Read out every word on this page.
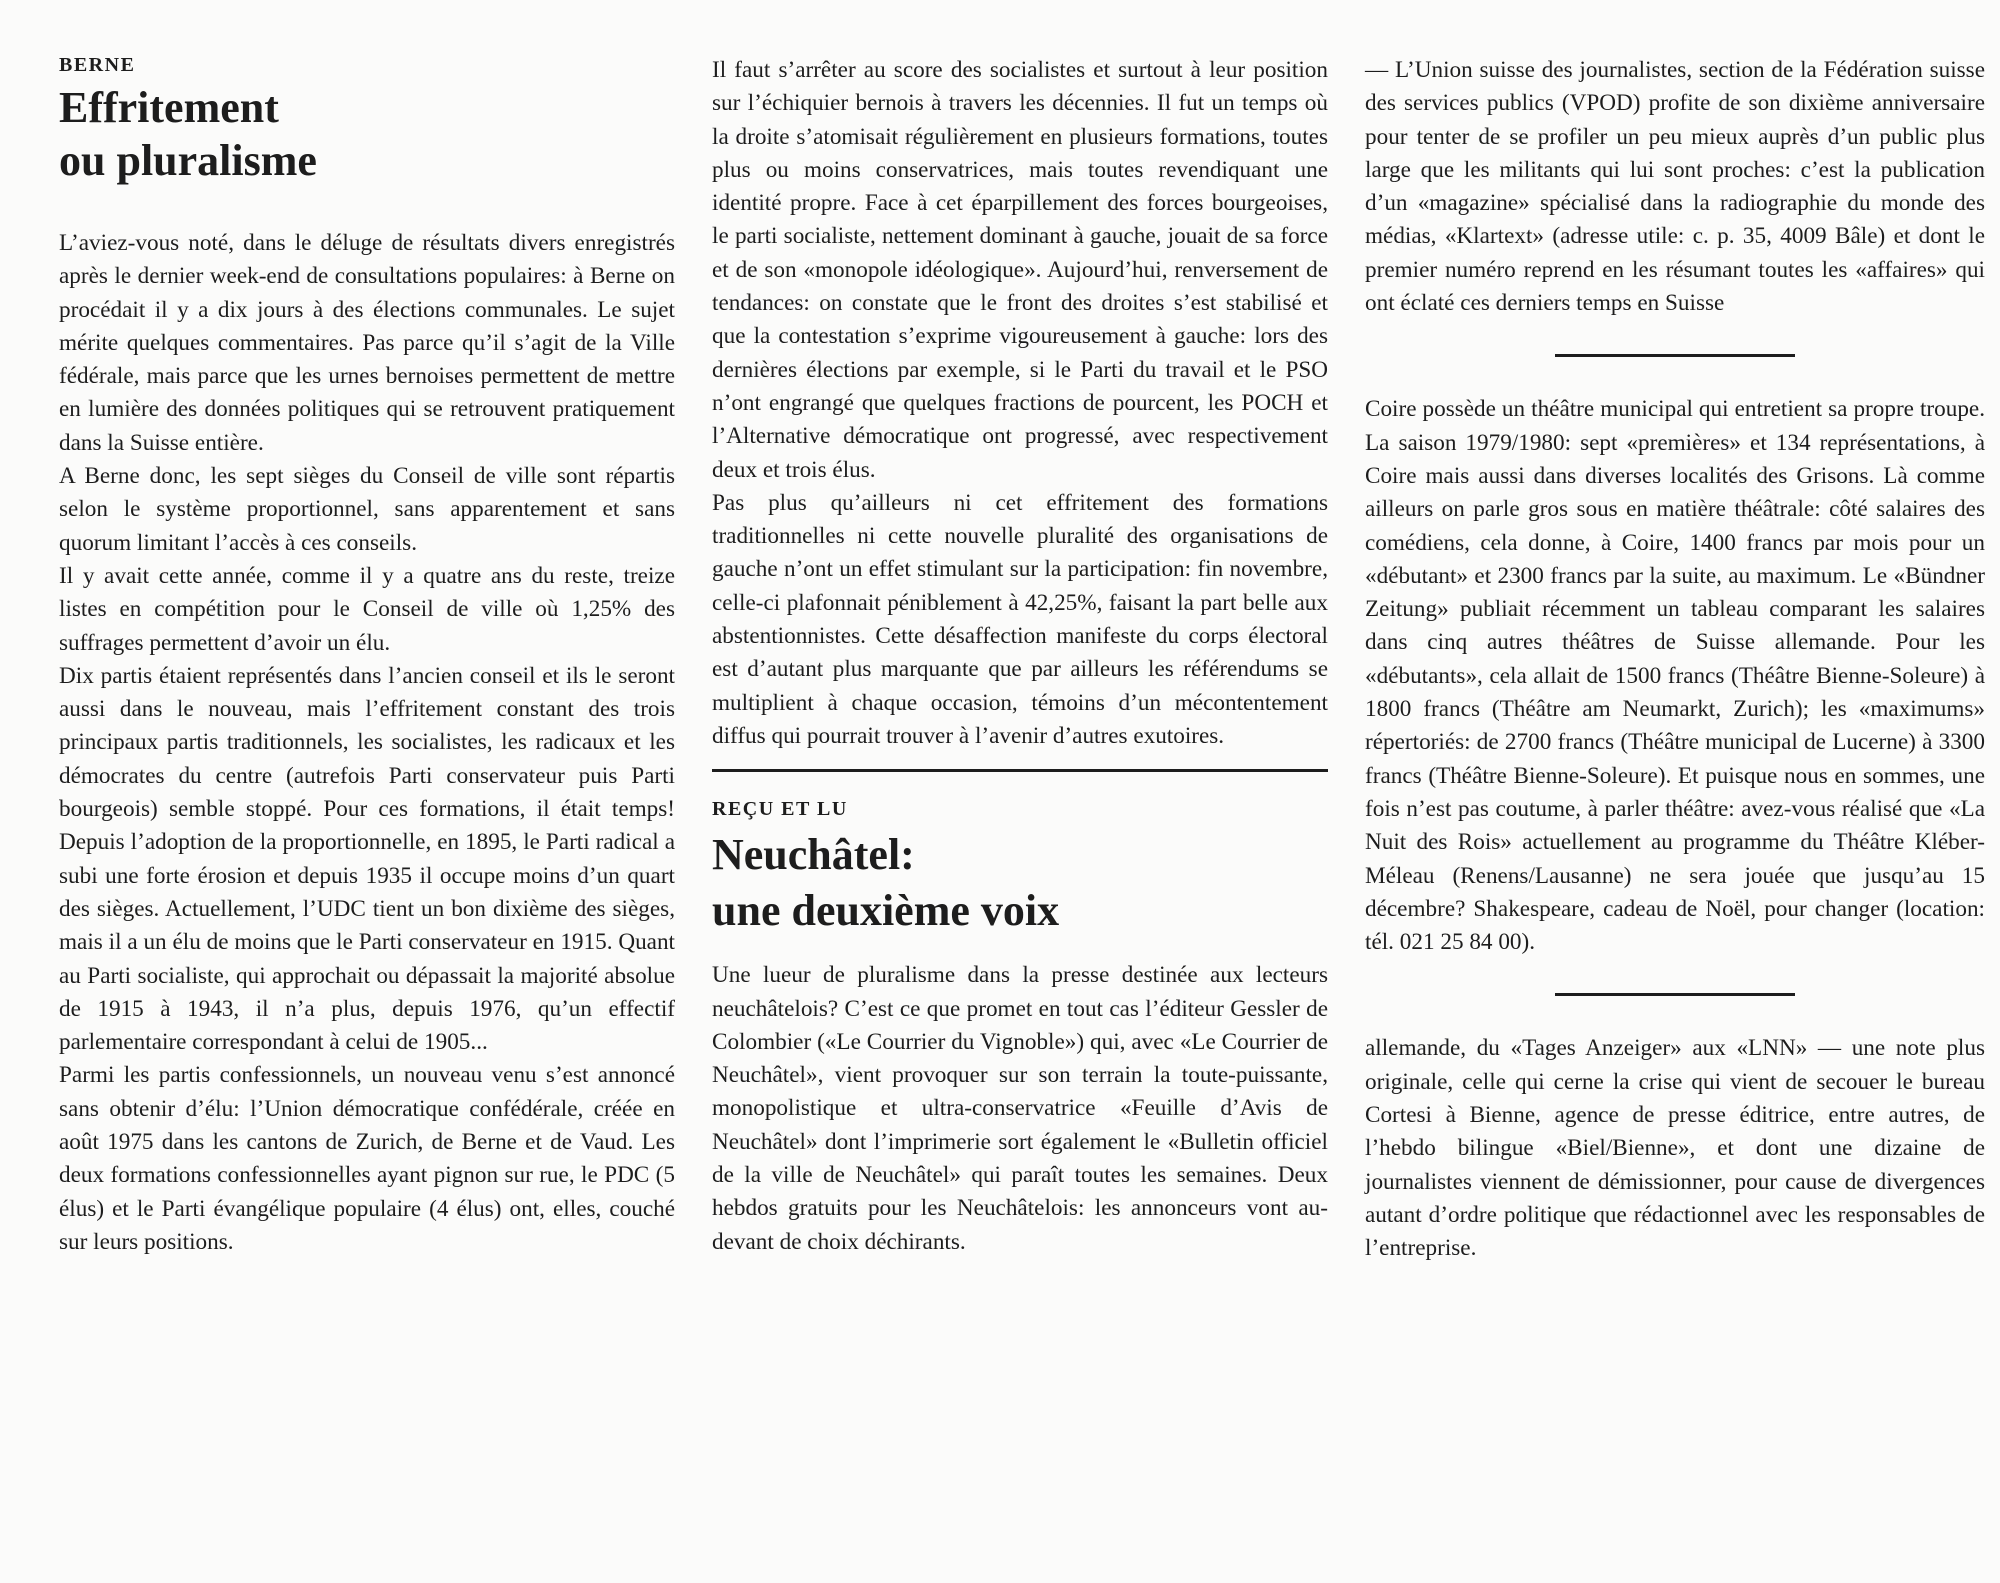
BERNE
Effritement
ou pluralisme

L’aviez-vous noté, dans le déluge de résultats divers enregistrés après le dernier week-end de consultations populaires: à Berne on procédait il y a dix jours à des élections communales. Le sujet mérite quelques commentaires. Pas parce qu’il s’agit de la Ville fédérale, mais parce que les urnes bernoises permettent de mettre en lumière des données politiques qui se retrouvent pratiquement dans la Suisse entière.

A Berne donc, les sept sièges du Conseil de ville sont répartis selon le système proportionnel, sans apparentement et sans quorum limitant l’accès à ces conseils.

Il y avait cette année, comme il y a quatre ans du reste, treize listes en compétition pour le Conseil de ville où 1,25% des suffrages permettent d’avoir un élu.

Dix partis étaient représentés dans l’ancien conseil et ils le seront aussi dans le nouveau, mais l’effritement constant des trois principaux partis traditionnels, les socialistes, les radicaux et les démocrates du centre (autrefois Parti conservateur puis Parti bourgeois) semble stoppé. Pour ces formations, il était temps! Depuis l’adoption de la proportionnelle, en 1895, le Parti radical a subi une forte érosion et depuis 1935 il occupe moins d’un quart des sièges. Actuellement, l’UDC tient un bon dixième des sièges, mais il a un élu de moins que le Parti conservateur en 1915. Quant au Parti socialiste, qui approchait ou dépassait la majorité absolue de 1915 à 1943, il n’a plus, depuis 1976, qu’un effectif parlementaire correspondant à celui de 1905...

Parmi les partis confessionnels, un nouveau venu s’est annoncé sans obtenir d’élu: l’Union démocratique confédérale, créée en août 1975 dans les cantons de Zurich, de Berne et de Vaud. Les deux formations confessionnelles ayant pignon sur rue, le PDC (5 élus) et le Parti évangélique populaire (4 élus) ont, elles, couché sur leurs positions.

Il faut s’arrêter au score des socialistes et surtout à leur position sur l’échiquier bernois à travers les décennies. Il fut un temps où la droite s’atomisait régulièrement en plusieurs formations, toutes plus ou moins conservatrices, mais toutes revendiquant une identité propre. Face à cet éparpillement des forces bourgeoises, le parti socialiste, nettement dominant à gauche, jouait de sa force et de son «monopole idéologique». Aujourd’hui, renversement de tendances: on constate que le front des droites s’est stabilisé et que la contestation s’exprime vigoureusement à gauche: lors des dernières élections par exemple, si le Parti du travail et le PSO n’ont engrangé que quelques fractions de pourcent, les POCH et l’Alternative démocratique ont progressé, avec respectivement deux et trois élus.

Pas plus qu’ailleurs ni cet effritement des formations traditionnelles ni cette nouvelle pluralité des organisations de gauche n’ont un effet stimulant sur la participation: fin novembre, celle-ci plafonnait péniblement à 42,25%, faisant la part belle aux abstentionnistes. Cette désaffection manifeste du corps électoral est d’autant plus marquante que par ailleurs les référendums se multiplient à chaque occasion, témoins d’un mécontentement diffus qui pourrait trouver à l’avenir d’autres exutoires.

REÇU ET LU
Neuchâtel:
une deuxième voix

Une lueur de pluralisme dans la presse destinée aux lecteurs neuchâtelois? C’est ce que promet en tout cas l’éditeur Gessler de Colombier («Le Courrier du Vignoble») qui, avec «Le Courrier de Neuchâtel», vient provoquer sur son terrain la toute-puissante, monopolistique et ultra-conservatrice «Feuille d’Avis de Neuchâtel» dont l’imprimerie sort également le «Bulletin officiel de la ville de Neuchâtel» qui paraît toutes les semaines. Deux hebdos gratuits pour les Neuchâtelois: les annonceurs vont au-devant de choix déchirants.

— L’Union suisse des journalistes, section de la Fédération suisse des services publics (VPOD) profite de son dixième anniversaire pour tenter de se profiler un peu mieux auprès d’un public plus large que les militants qui lui sont proches: c’est la publication d’un «magazine» spécialisé dans la radiographie du monde des médias, «Klartext» (adresse utile: c. p. 35, 4009 Bâle) et dont le premier numéro reprend en les résumant toutes les «affaires» qui ont éclaté ces derniers temps en Suisse

Coire possède un théâtre municipal qui entretient sa propre troupe. La saison 1979/1980: sept «premières» et 134 représentations, à Coire mais aussi dans diverses localités des Grisons. Là comme ailleurs on parle gros sous en matière théâtrale: côté salaires des comédiens, cela donne, à Coire, 1400 francs par mois pour un «débutant» et 2300 francs par la suite, au maximum. Le «Bündner Zeitung» publiait récemment un tableau comparant les salaires dans cinq autres théâtres de Suisse allemande. Pour les «débutants», cela allait de 1500 francs (Théâtre Bienne-Soleure) à 1800 francs (Théâtre am Neumarkt, Zurich); les «maximums» répertoriés: de 2700 francs (Théâtre municipal de Lucerne) à 3300 francs (Théâtre Bienne-Soleure). Et puisque nous en sommes, une fois n’est pas coutume, à parler théâtre: avez-vous réalisé que «La Nuit des Rois» actuellement au programme du Théâtre Kléber-Méleau (Renens/Lausanne) ne sera jouée que jusqu’au 15 décembre? Shakespeare, cadeau de Noël, pour changer (location: tél. 021 25 84 00).

allemande, du «Tages Anzeiger» aux «LNN» — une note plus originale, celle qui cerne la crise qui vient de secouer le bureau Cortesi à Bienne, agence de presse éditrice, entre autres, de l’hebdo bilingue «Biel/Bienne», et dont une dizaine de journalistes viennent de démissionner, pour cause de divergences autant d’ordre politique que rédactionnel avec les responsables de l’entreprise.
